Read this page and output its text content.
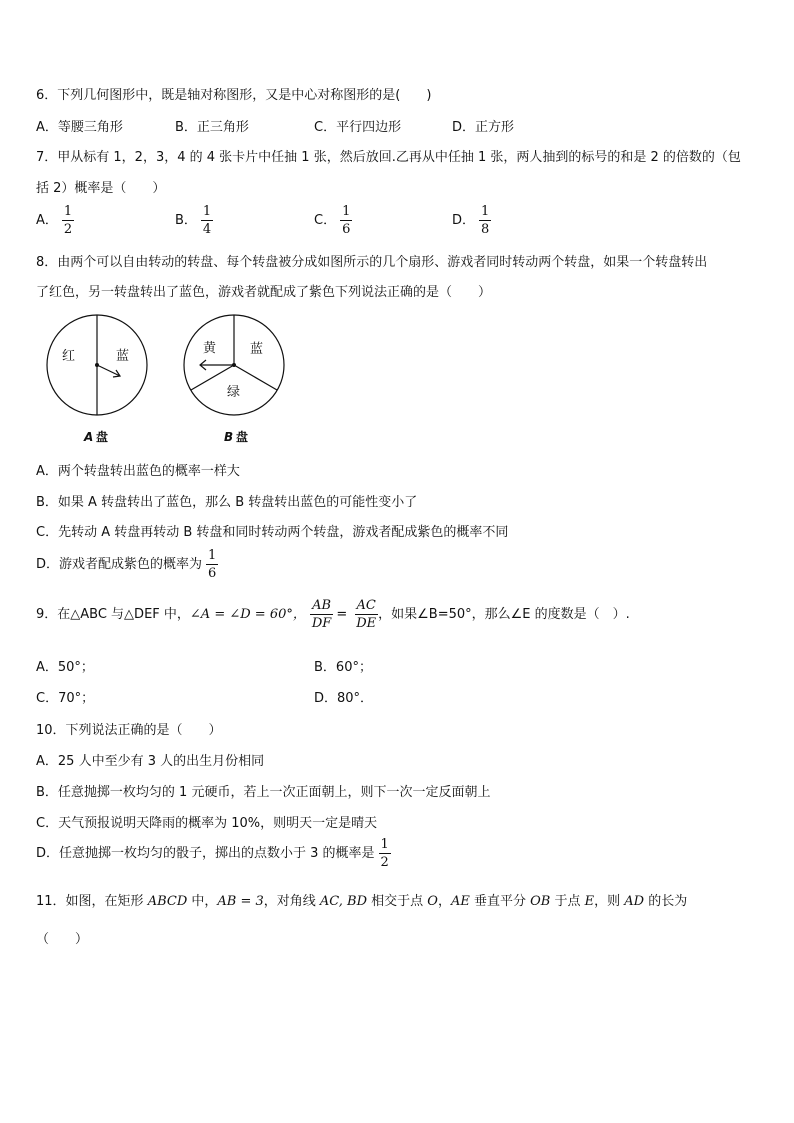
6．下列几何图形中，既是轴对称图形，又是中心对称图形的是(　　)
A．等腰三角形	B．正三角形	C．平行四边形	D．正方形
7．甲从标有 1，2，3，4 的 4 张卡片中任抽 1 张，然后放回.乙再从中任抽 1 张，两人抽到的标号的和是 2 的倍数的（包
括 2）概率是（　　）
A． $\frac{1}{2}$	B． $\frac{1}{4}$	C． $\frac{1}{6}$	D． $\frac{1}{8}$
8．由两个可以自由转动的转盘、每个转盘被分成如图所示的几个扇形、游戏者同时转动两个转盘，如果一个转盘转出
了红色，另一转盘转出了蓝色，游戏者就配成了紫色下列说法正确的是（　　）
红	蓝
A 盘
黄	蓝
绿
B 盘
A．两个转盘转出蓝色的概率一样大
B．如果 A 转盘转出了蓝色，那么 B 转盘转出蓝色的可能性变小了
C．先转动 A 转盘再转动 B 转盘和同时转动两个转盘，游戏者配成紫色的概率不同
D．游戏者配成紫色的概率为 $\frac{1}{6}$
9．在△ABC 与△DEF 中，∠A = ∠D = 60°， $\frac{AB}{DF} = \frac{AC}{DE}$ ，如果∠B=50°，那么∠E 的度数是（　）.
A．50°；	B．60°；
C．70°；	D．80°．
10．下列说法正确的是（　　）
A．25 人中至少有 3 人的出生月份相同
B．任意抛掷一枚均匀的 1 元硬币，若上一次正面朝上，则下一次一定反面朝上
C．天气预报说明天降雨的概率为 10%，则明天一定是晴天
D．任意抛掷一枚均匀的骰子，掷出的点数小于 3 的概率是 $\frac{1}{2}$
11．如图，在矩形 ABCD 中，AB = 3，对角线 AC, BD 相交于点 O，AE 垂直平分 OB 于点 E，则 AD 的长为
（　　）
